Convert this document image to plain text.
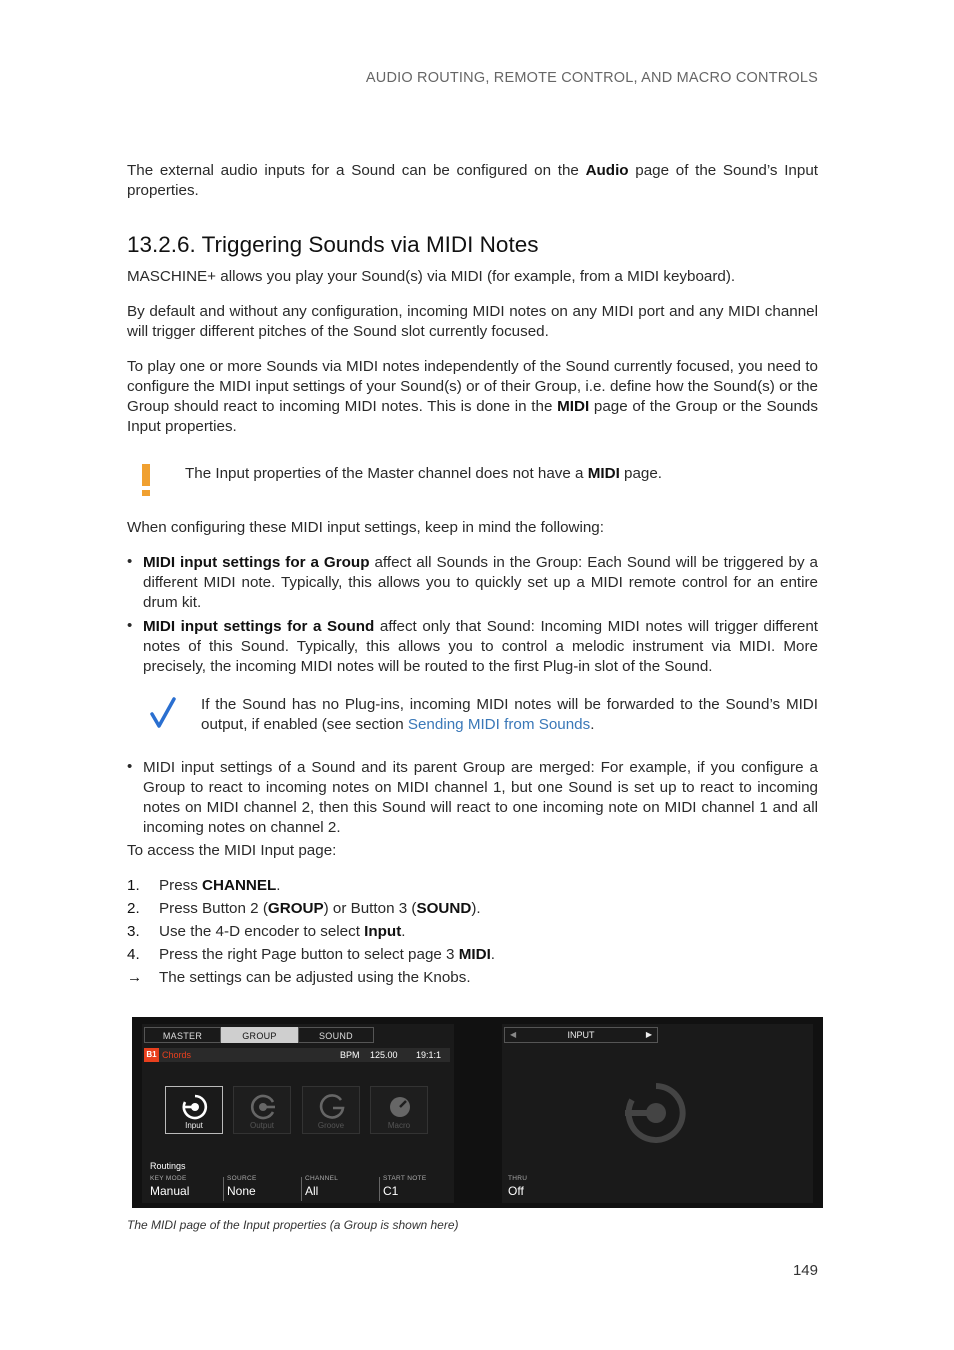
AUDIO ROUTING, REMOTE CONTROL, AND MACRO CONTROLS

The external audio inputs for a Sound can be configured on the Audio page of the Sound’s Input properties.

13.2.6. Triggering Sounds via MIDI Notes

MASCHINE+ allows you play your Sound(s) via MIDI (for example, from a MIDI keyboard).

By default and without any configuration, incoming MIDI notes on any MIDI port and any MIDI channel will trigger different pitches of the Sound slot currently focused.

To play one or more Sounds via MIDI notes independently of the Sound currently focused, you need to configure the MIDI input settings of your Sound(s) or of their Group, i.e. define how the Sound(s) or the Group should react to incoming MIDI notes. This is done in the MIDI page of the Group or the Sounds Input properties.

The Input properties of the Master channel does not have a MIDI page.

When configuring these MIDI input settings, keep in mind the following:

• MIDI input settings for a Group affect all Sounds in the Group: Each Sound will be triggered by a different MIDI note. Typically, this allows you to quickly set up a MIDI remote control for an entire drum kit.

• MIDI input settings for a Sound affect only that Sound: Incoming MIDI notes will trigger different notes of this Sound. Typically, this allows you to control a melodic instrument via MIDI. More precisely, the incoming MIDI notes will be routed to the first Plug-in slot of the Sound.

If the Sound has no Plug-ins, incoming MIDI notes will be forwarded to the Sound’s MIDI output, if enabled (see section Sending MIDI from Sounds.

• MIDI input settings of a Sound and its parent Group are merged: For example, if you configure a Group to react to incoming notes on MIDI channel 1, but one Sound is set up to react to incoming notes on MIDI channel 2, then this Sound will react to one incoming note on MIDI channel 1 and all incoming notes on channel 2.

To access the MIDI Input page:

1.	Press CHANNEL.
2.	Press Button 2 (GROUP) or Button 3 (SOUND).
3.	Use the 4-D encoder to select Input.
4.	Press the right Page button to select page 3 MIDI.
→	The settings can be adjusted using the Knobs.
MASTER	GROUP	SOUND
B1 Chords	BPM 125.00 19:1:1
Input	Output	Groove	Macro
Routings
KEY MODE
Manual
SOURCE
None
CHANNEL
All
START NOTE
C1
◀	INPUT	▶
THRU
Off
The MIDI page of the Input properties (a Group is shown here)
149
